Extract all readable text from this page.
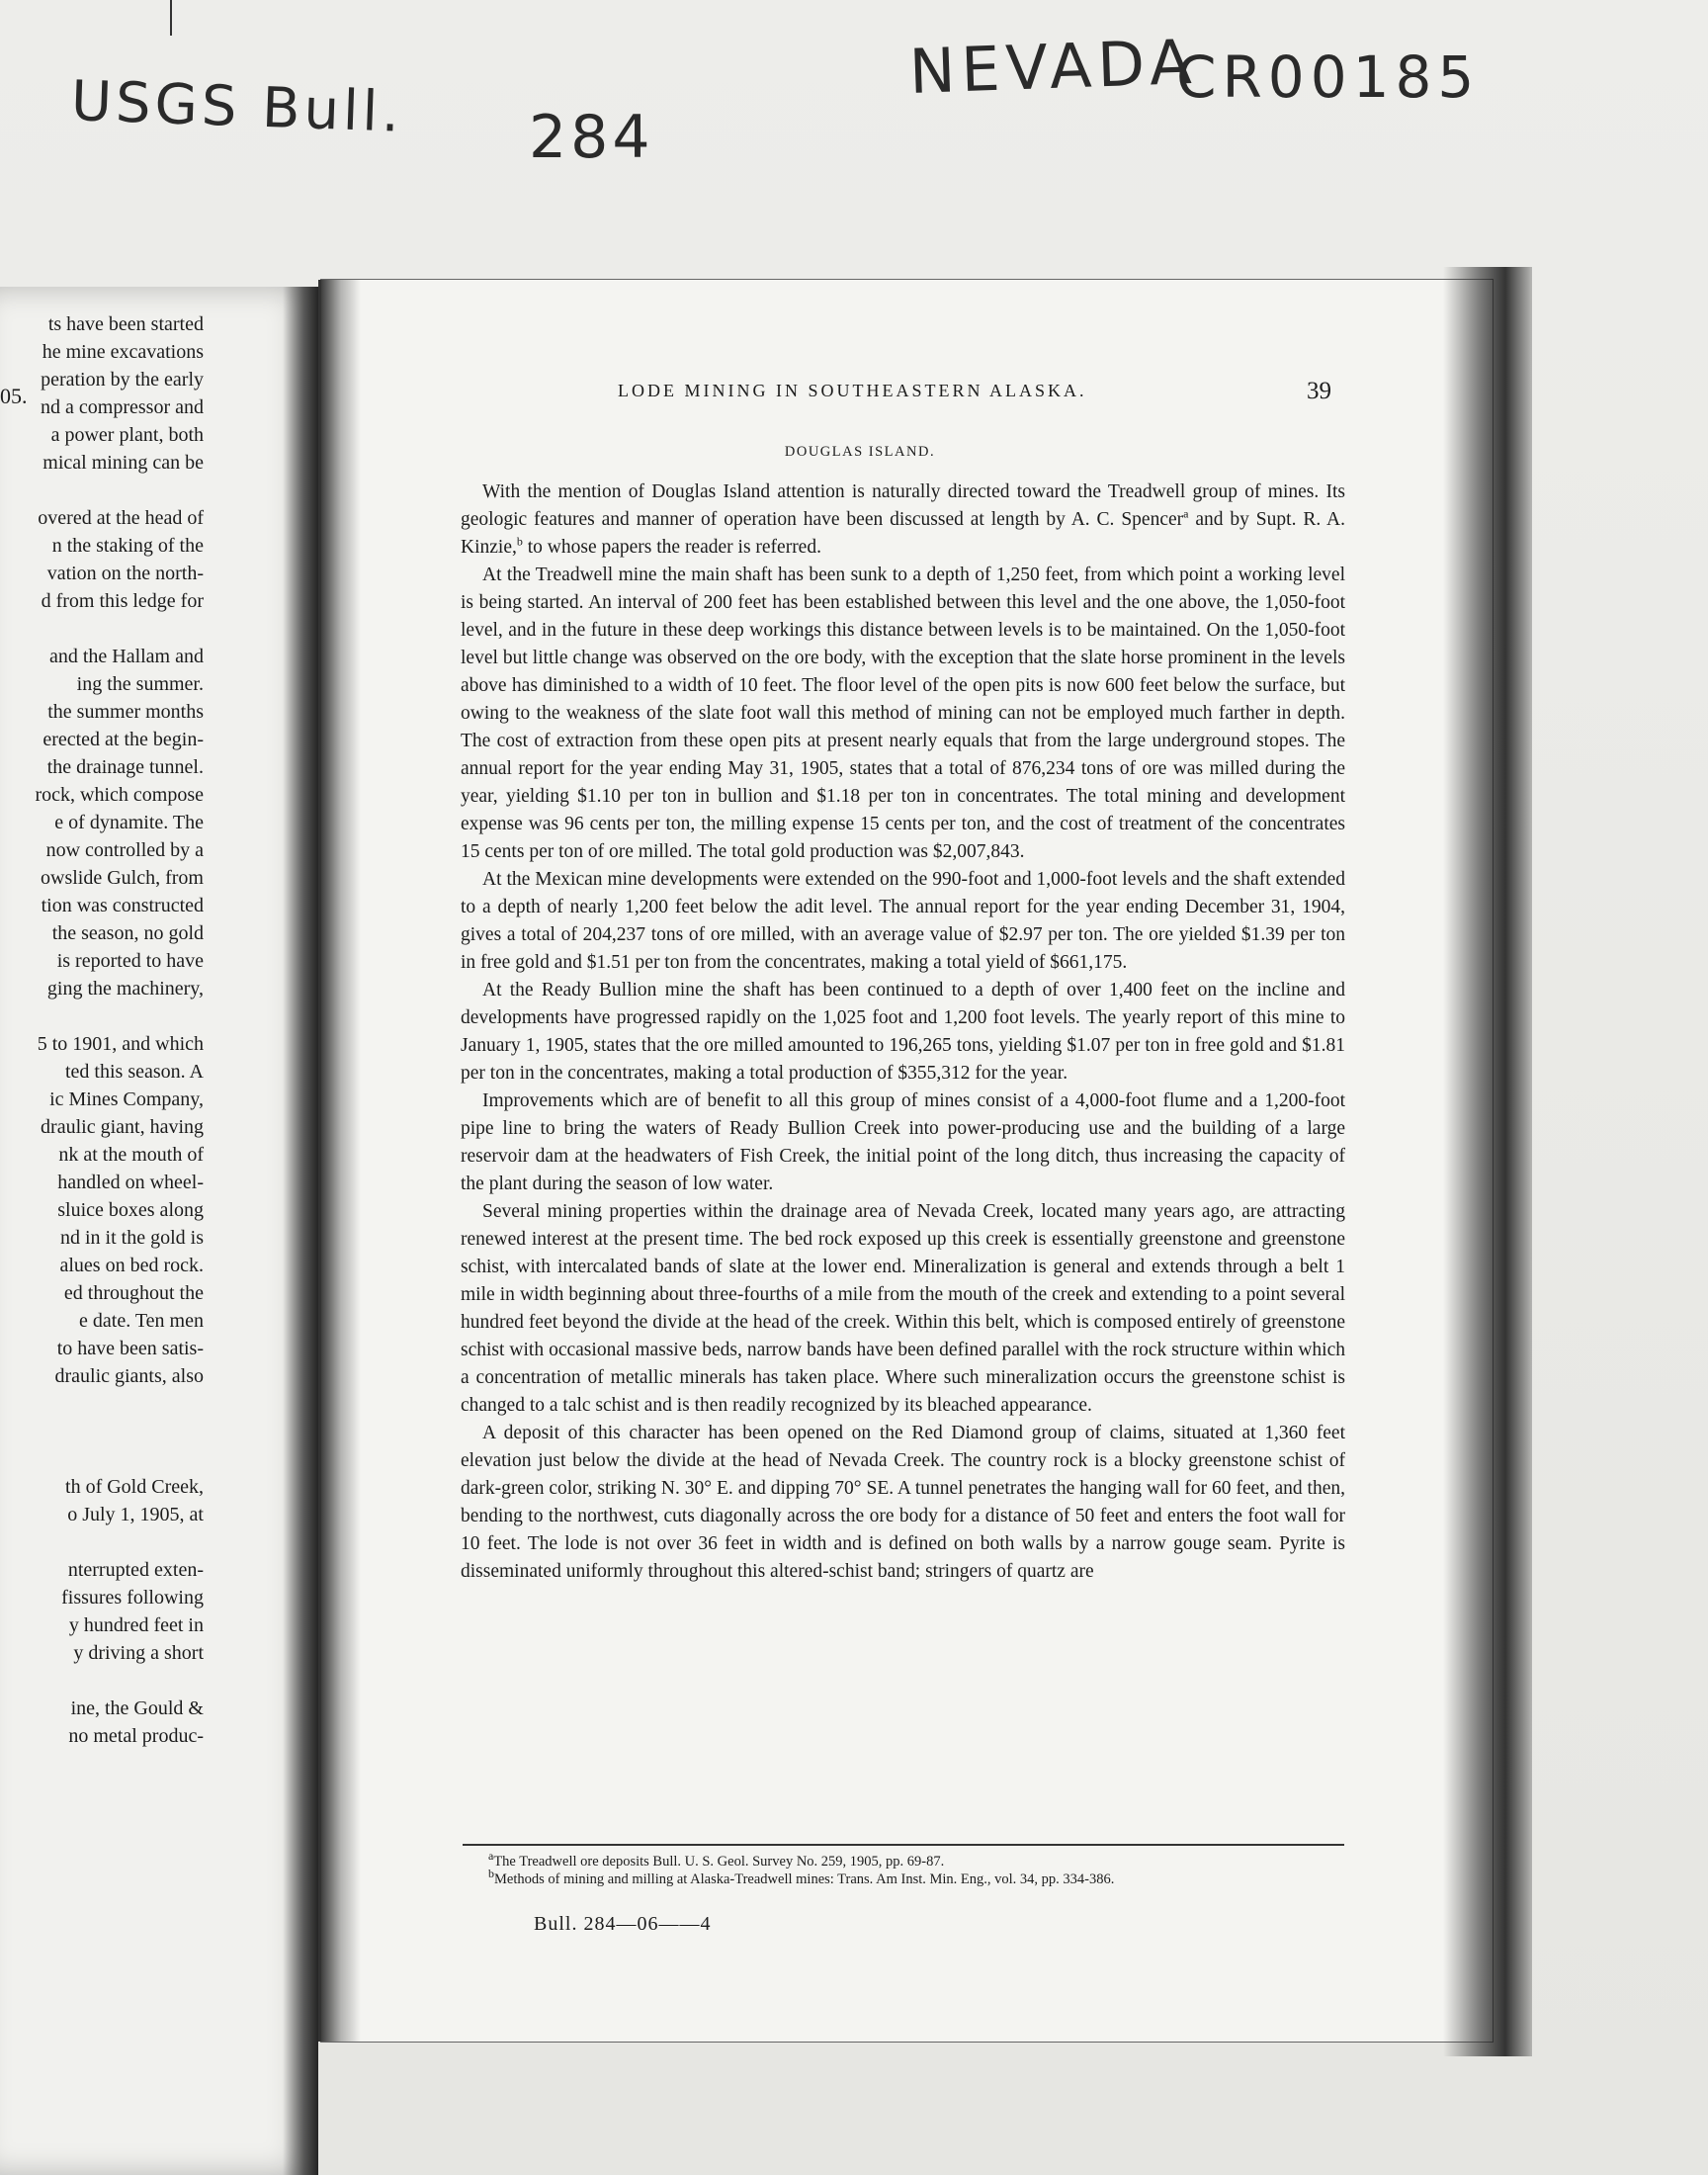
USGS Bull. 284
NEVADA
CR00185
05.
ts have been started
he mine excavations
peration by the early
nd a compressor and
a power plant, both
mical mining can be
overed at the head of
n the staking of the
vation on the north-
d from this ledge for
and the Hallam and
ing the summer.
the summer months
erected at the begin-
the drainage tunnel.
rock, which compose
e of dynamite. The
now controlled by a
owslide Gulch, from
tion was constructed
the season, no gold
is reported to have
ging the machinery,
5 to 1901, and which
ted this season. A
ic Mines Company,
draulic giant, having
nk at the mouth of
handled on wheel-
sluice boxes along
nd in it the gold is
alues on bed rock.
ed throughout the
e date. Ten men
to have been satis-
draulic giants, also
th of Gold Creek,
o July 1, 1905, at
nterrupted exten-
fissures following
y hundred feet in
y driving a short
ine, the Gould &
no metal produc-
LODE MINING IN SOUTHEASTERN ALASKA.	39
DOUGLAS ISLAND.

With the mention of Douglas Island attention is naturally directed toward the Treadwell group of mines. Its geologic features and manner of operation have been discussed at length by A. C. Spencer$^a$ and by Supt. R. A. Kinzie,$^b$ to whose papers the reader is referred.

At the Treadwell mine the main shaft has been sunk to a depth of 1,250 feet, from which point a working level is being started. An interval of 200 feet has been established between this level and the one above, the 1,050-foot level, and in the future in these deep workings this distance between levels is to be maintained. On the 1,050-foot level but little change was observed on the ore body, with the exception that the slate horse prominent in the levels above has diminished to a width of 10 feet. The floor level of the open pits is now 600 feet below the surface, but owing to the weakness of the slate foot wall this method of mining can not be employed much farther in depth. The cost of extraction from these open pits at present nearly equals that from the large underground stopes. The annual report for the year ending May 31, 1905, states that a total of 876,234 tons of ore was milled during the year, yielding $1.10 per ton in bullion and $1.18 per ton in concentrates. The total mining and development expense was 96 cents per ton, the milling expense 15 cents per ton, and the cost of treatment of the concentrates 15 cents per ton of ore milled. The total gold production was $2,007,843.

At the Mexican mine developments were extended on the 990-foot and 1,000-foot levels and the shaft extended to a depth of nearly 1,200 feet below the adit level. The annual report for the year ending December 31, 1904, gives a total of 204,237 tons of ore milled, with an average value of $2.97 per ton. The ore yielded $1.39 per ton in free gold and $1.51 per ton from the concentrates, making a total yield of $661,175.

At the Ready Bullion mine the shaft has been continued to a depth of over 1,400 feet on the incline and developments have progressed rapidly on the 1,025 foot and 1,200 foot levels. The yearly report of this mine to January 1, 1905, states that the ore milled amounted to 196,265 tons, yielding $1.07 per ton in free gold and $1.81 per ton in the concentrates, making a total production of $355,312 for the year.

Improvements which are of benefit to all this group of mines consist of a 4,000-foot flume and a 1,200-foot pipe line to bring the waters of Ready Bullion Creek into power-producing use and the building of a large reservoir dam at the headwaters of Fish Creek, the initial point of the long ditch, thus increasing the capacity of the plant during the season of low water.

Several mining properties within the drainage area of Nevada Creek, located many years ago, are attracting renewed interest at the present time. The bed rock exposed up this creek is essentially greenstone and greenstone schist, with intercalated bands of slate at the lower end. Mineralization is general and extends through a belt 1 mile in width beginning about three-fourths of a mile from the mouth of the creek and extending to a point several hundred feet beyond the divide at the head of the creek. Within this belt, which is composed entirely of greenstone schist with occasional massive beds, narrow bands have been defined parallel with the rock structure within which a concentration of metallic minerals has taken place. Where such mineralization occurs the greenstone schist is changed to a talc schist and is then readily recognized by its bleached appearance.

A deposit of this character has been opened on the Red Diamond group of claims, situated at 1,360 feet elevation just below the divide at the head of Nevada Creek. The country rock is a blocky greenstone schist of dark-green color, striking N. 30° E. and dipping 70° SE. A tunnel penetrates the hanging wall for 60 feet, and then, bending to the northwest, cuts diagonally across the ore body for a distance of 50 feet and enters the foot wall for 10 feet. The lode is not over 36 feet in width and is defined on both walls by a narrow gouge seam. Pyrite is disseminated uniformly throughout this altered-schist band; stringers of quartz are

$^a$The Treadwell ore deposits Bull. U. S. Geol. Survey No. 259, 1905, pp. 69-87.

$^b$Methods of mining and milling at Alaska-Treadwell mines: Trans. Am Inst. Min. Eng., vol. 34, pp. 334-386.

Bull. 284—06——4
